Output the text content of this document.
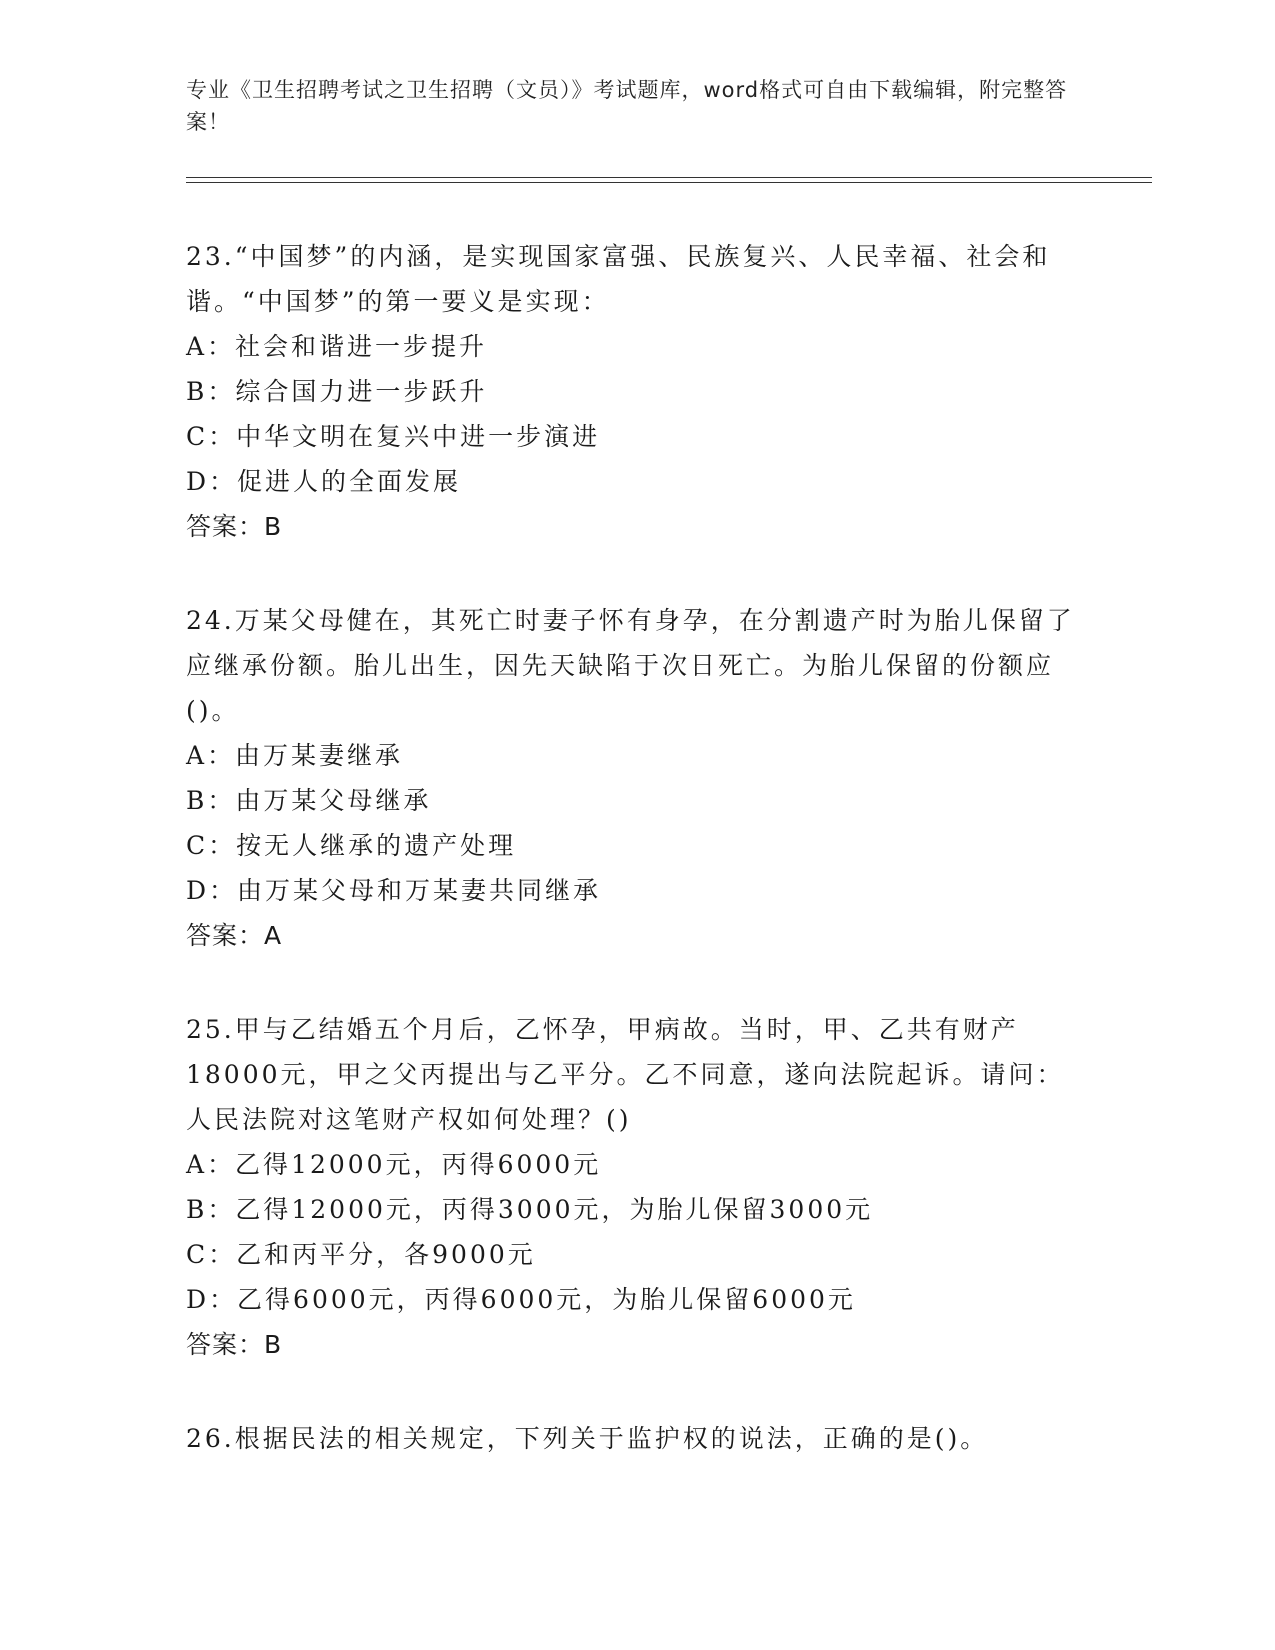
专业《卫生招聘考试之卫生招聘（文员）》考试题库，word格式可自由下载编辑，附完整答案！

23.“中国梦”的内涵，是实现国家富强、民族复兴、人民幸福、社会和谐。“中国梦”的第一要义是实现：

A：社会和谐进一步提升

B：综合国力进一步跃升

C：中华文明在复兴中进一步演进

D：促进人的全面发展

答案：B

24.万某父母健在，其死亡时妻子怀有身孕，在分割遗产时为胎儿保留了应继承份额。胎儿出生，因先天缺陷于次日死亡。为胎儿保留的份额应()。

A：由万某妻继承

B：由万某父母继承

C：按无人继承的遗产处理

D：由万某父母和万某妻共同继承

答案：A

25.甲与乙结婚五个月后，乙怀孕，甲病故。当时，甲、乙共有财产18000元，甲之父丙提出与乙平分。乙不同意，遂向法院起诉。请问：人民法院对这笔财产权如何处理？()

A：乙得12000元，丙得6000元

B：乙得12000元，丙得3000元，为胎儿保留3000元

C：乙和丙平分，各9000元

D：乙得6000元，丙得6000元，为胎儿保留6000元

答案：B

26.根据民法的相关规定，下列关于监护权的说法，正确的是()。
